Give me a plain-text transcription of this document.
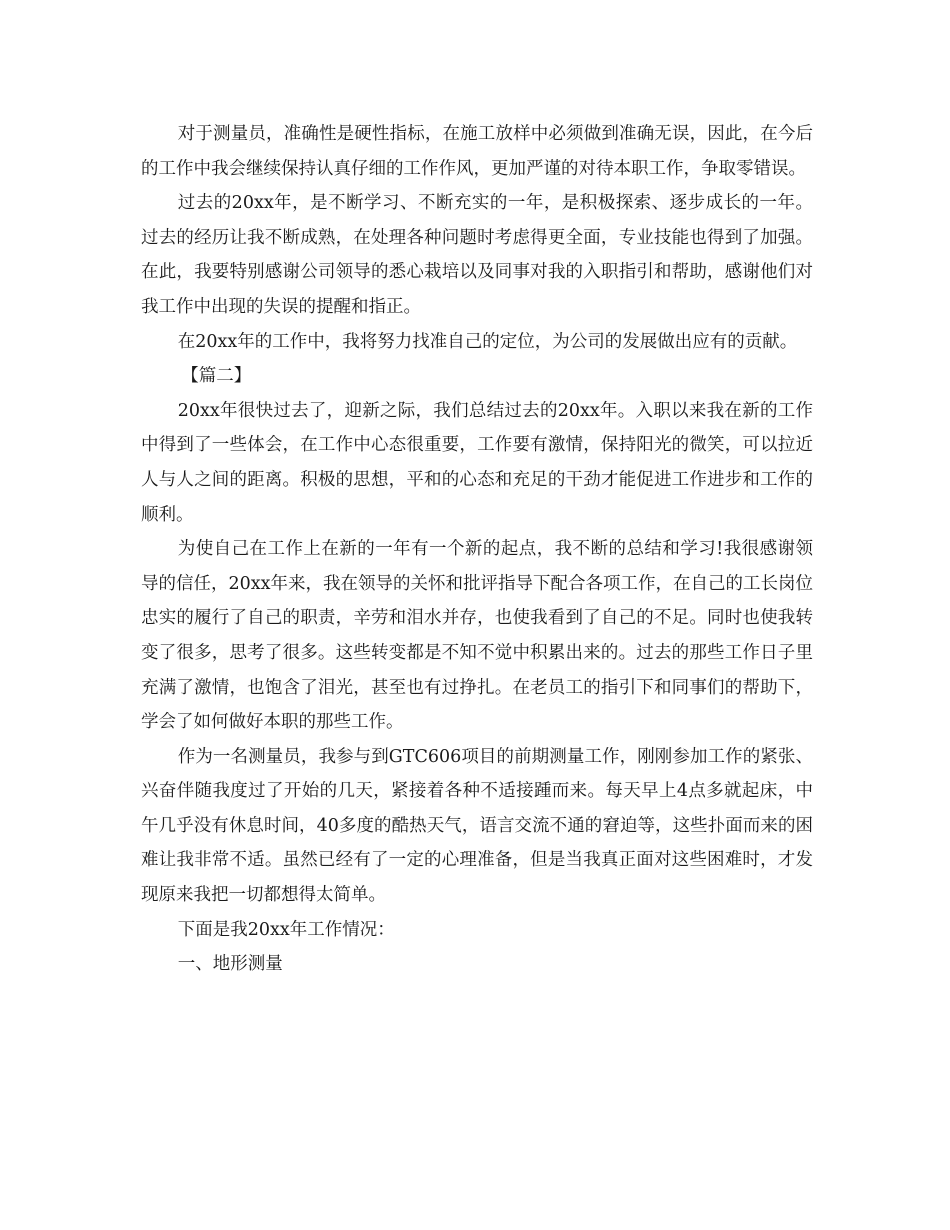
对于测量员，准确性是硬性指标，在施工放样中必须做到准确无误，因此，在今后的工作中我会继续保持认真仔细的工作作风，更加严谨的对待本职工作，争取零错误。

过去的20xx年，是不断学习、不断充实的一年，是积极探索、逐步成长的一年。过去的经历让我不断成熟，在处理各种问题时考虑得更全面，专业技能也得到了加强。在此，我要特别感谢公司领导的悉心栽培以及同事对我的入职指引和帮助，感谢他们对我工作中出现的失误的提醒和指正。

在20xx年的工作中，我将努力找准自己的定位，为公司的发展做出应有的贡献。

【篇二】

20xx年很快过去了，迎新之际，我们总结过去的20xx年。入职以来我在新的工作中得到了一些体会，在工作中心态很重要，工作要有激情，保持阳光的微笑，可以拉近人与人之间的距离。积极的思想，平和的心态和充足的干劲才能促进工作进步和工作的顺利。

为使自己在工作上在新的一年有一个新的起点，我不断的总结和学习!我很感谢领导的信任，20xx年来，我在领导的关怀和批评指导下配合各项工作，在自己的工长岗位忠实的履行了自己的职责，辛劳和泪水并存，也使我看到了自己的不足。同时也使我转变了很多，思考了很多。这些转变都是不知不觉中积累出来的。过去的那些工作日子里充满了激情，也饱含了泪光，甚至也有过挣扎。在老员工的指引下和同事们的帮助下，学会了如何做好本职的那些工作。

作为一名测量员，我参与到GTC606项目的前期测量工作，刚刚参加工作的紧张、兴奋伴随我度过了开始的几天，紧接着各种不适接踵而来。每天早上4点多就起床，中午几乎没有休息时间，40多度的酷热天气，语言交流不通的窘迫等，这些扑面而来的困难让我非常不适。虽然已经有了一定的心理准备，但是当我真正面对这些困难时，才发现原来我把一切都想得太简单。

下面是我20xx年工作情况：

一、地形测量
